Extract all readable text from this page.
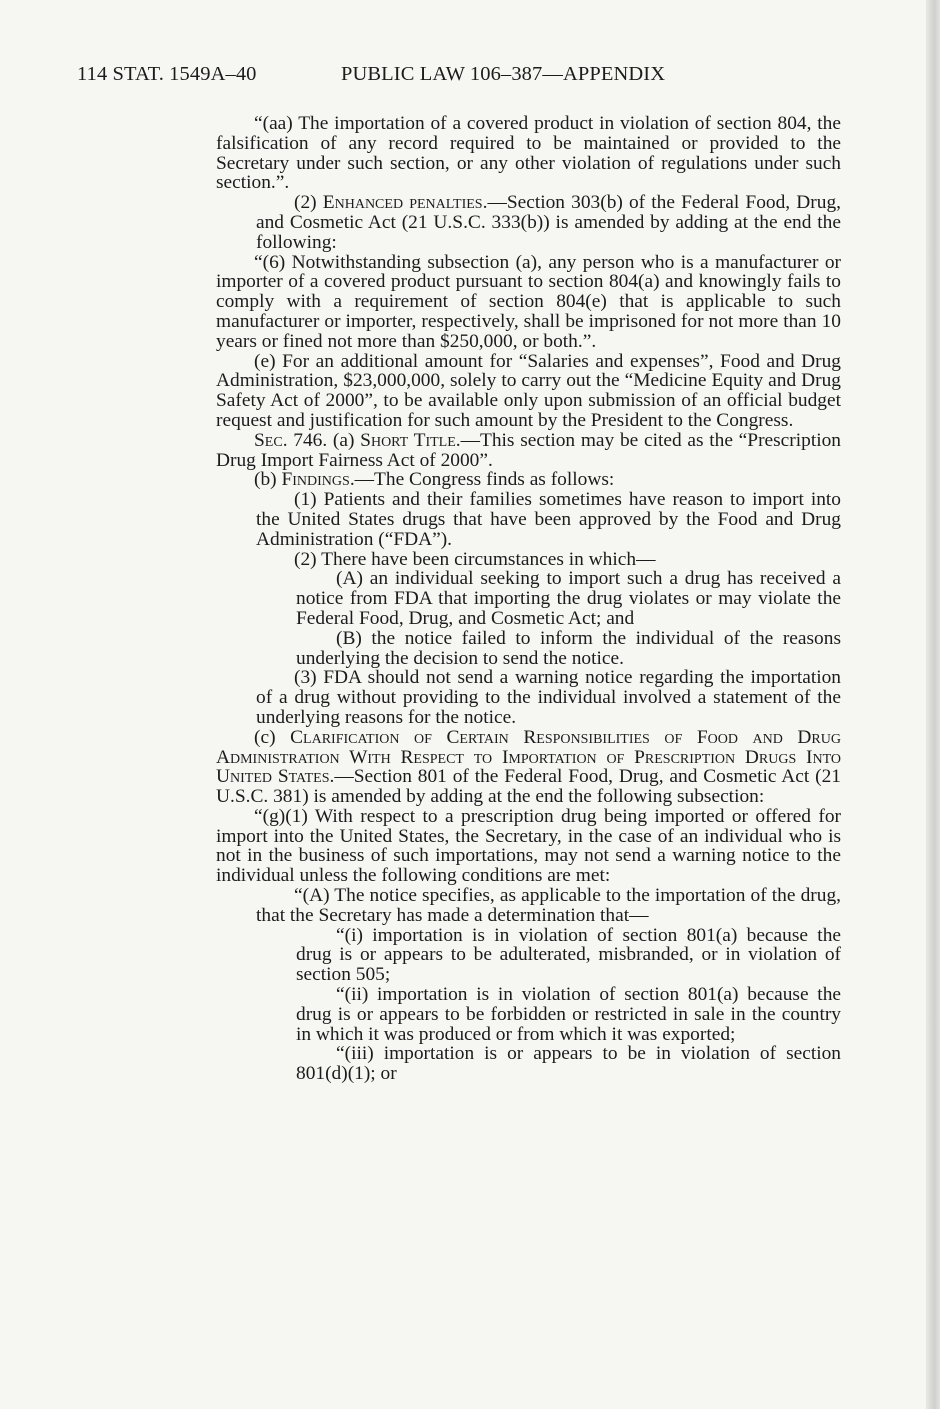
114 STAT. 1549A–40	PUBLIC LAW 106–387—APPENDIX

“(aa) The importation of a covered product in violation of section 804, the falsification of any record required to be maintained or provided to the Secretary under such section, or any other violation of regulations under such section.”.

(2) Enhanced penalties.—Section 303(b) of the Federal Food, Drug, and Cosmetic Act (21 U.S.C. 333(b)) is amended by adding at the end the following:

“(6) Notwithstanding subsection (a), any person who is a manufacturer or importer of a covered product pursuant to section 804(a) and knowingly fails to comply with a requirement of section 804(e) that is applicable to such manufacturer or importer, respectively, shall be imprisoned for not more than 10 years or fined not more than $250,000, or both.”.

(e) For an additional amount for “Salaries and expenses”, Food and Drug Administration, $23,000,000, solely to carry out the “Medicine Equity and Drug Safety Act of 2000”, to be available only upon submission of an official budget request and justification for such amount by the President to the Congress.

Sec. 746. (a) Short Title.—This section may be cited as the “Prescription Drug Import Fairness Act of 2000”.

(b) Findings.—The Congress finds as follows:

(1) Patients and their families sometimes have reason to import into the United States drugs that have been approved by the Food and Drug Administration (“FDA”).

(2) There have been circumstances in which—

(A) an individual seeking to import such a drug has received a notice from FDA that importing the drug violates or may violate the Federal Food, Drug, and Cosmetic Act; and

(B) the notice failed to inform the individual of the reasons underlying the decision to send the notice.

(3) FDA should not send a warning notice regarding the importation of a drug without providing to the individual involved a statement of the underlying reasons for the notice.

(c) Clarification of Certain Responsibilities of Food and Drug Administration With Respect to Importation of Prescription Drugs Into United States.—Section 801 of the Federal Food, Drug, and Cosmetic Act (21 U.S.C. 381) is amended by adding at the end the following subsection:

“(g)(1) With respect to a prescription drug being imported or offered for import into the United States, the Secretary, in the case of an individual who is not in the business of such importations, may not send a warning notice to the individual unless the following conditions are met:

“(A) The notice specifies, as applicable to the importation of the drug, that the Secretary has made a determination that—

“(i) importation is in violation of section 801(a) because the drug is or appears to be adulterated, misbranded, or in violation of section 505;

“(ii) importation is in violation of section 801(a) because the drug is or appears to be forbidden or restricted in sale in the country in which it was produced or from which it was exported;

“(iii) importation is or appears to be in violation of section 801(d)(1); or
